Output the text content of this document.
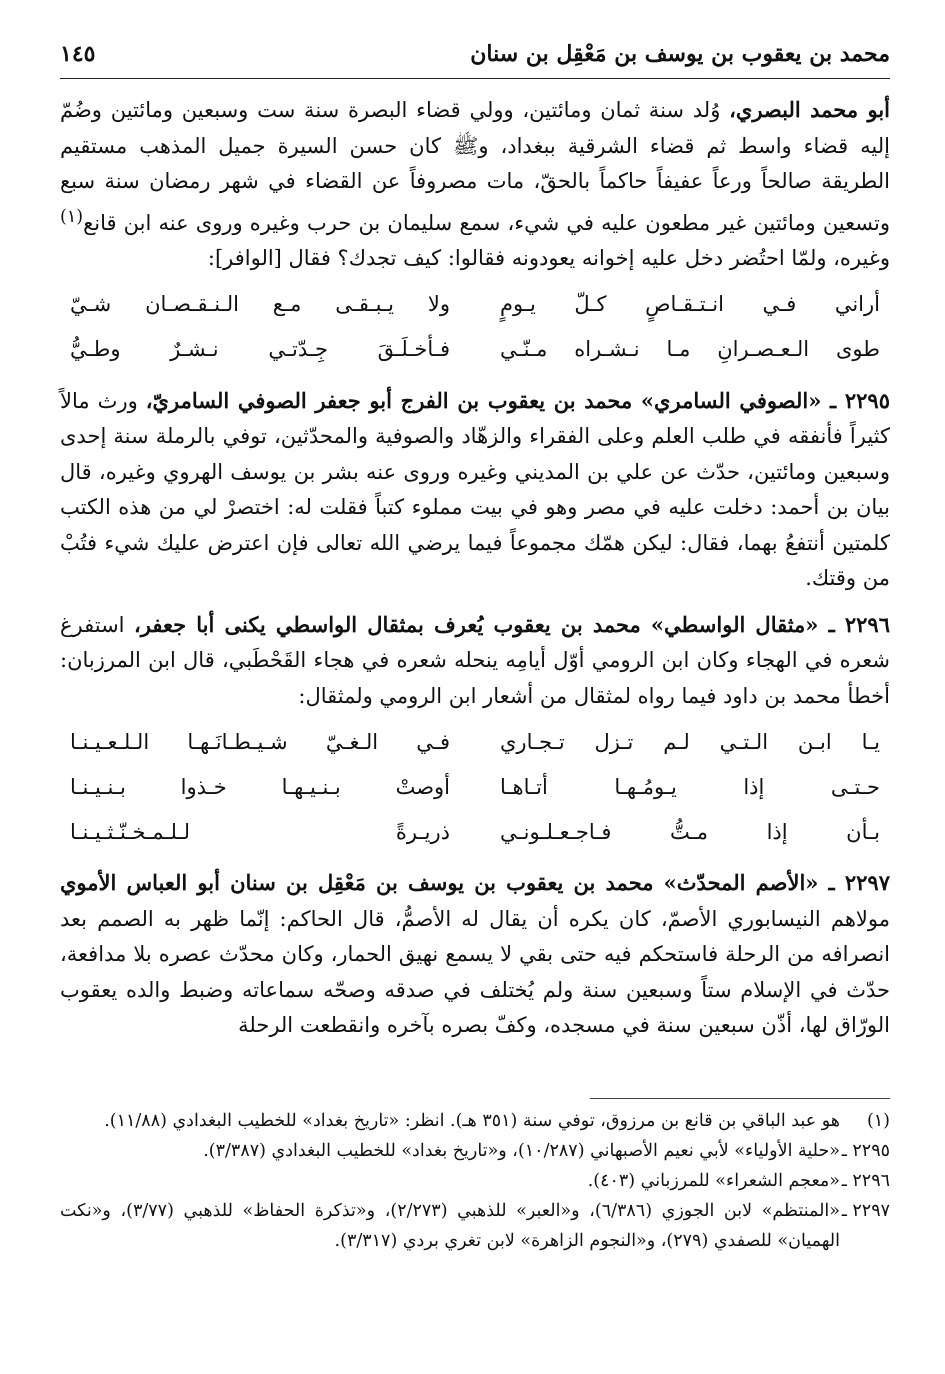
محمد بن يعقوب بن يوسف بن مَعْقِل بن سنان
١٤٥

أبو محمد البصري، وُلد سنة ثمان ومائتين، وولي قضاء البصرة سنة ست وسبعين ومائتين وضُمّ إليه قضاء واسط ثم قضاء الشرقية ببغداد، وﷺ كان حسن السيرة جميل المذهب مستقيم الطريقة صالحاً ورعاً عفيفاً حاكماً بالحقّ، مات مصروفاً عن القضاء في شهر رمضان سنة سبع وتسعين ومائتين غير مطعون عليه في شيء، سمع سليمان بن حرب وغيره وروى عنه ابن قانع$^{(١)}$ وغيره، ولمّا احتُضر دخل عليه إخوانه يعودونه فقالوا: كيف تجدك؟ فقال [الوافر]:

أراني فـي انـتـقـاصٍ كـلّ يـومٍ
ولا يـبـقـى مـع الـنـقـصـان شـيّ
طوى الـعـصـرانِ مـا نـشـراه مـنّـي
فـأخـلَـقَ جِـدّتـي نـشـرٌ وطـيُّ

٢٢٩٥ ـ «الصوفي السامري» محمد بن يعقوب بن الفرج أبو جعفر الصوفي السامريّ، ورث مالاً كثيراً فأنفقه في طلب العلم وعلى الفقراء والزهّاد والصوفية والمحدّثين، توفي بالرملة سنة إحدى وسبعين ومائتين، حدّث عن علي بن المديني وغيره وروى عنه بشر بن يوسف الهروي وغيره، قال بيان بن أحمد: دخلت عليه في مصر وهو في بيت مملوء كتباً فقلت له: اختصرْ لي من هذه الكتب كلمتين أنتفعُ بهما، فقال: ليكن همّك مجموعاً فيما يرضي الله تعالى فإن اعترض عليك شيء فتُبْ من وقتك.

٢٢٩٦ ـ «مثقال الواسطي» محمد بن يعقوب يُعرف بمثقال الواسطي يكنى أبا جعفر، استفرغ شعره في الهجاء وكان ابن الرومي أوّل أيامِه ينحله شعره في هجاء القَحْطَبي، قال ابن المرزبان: أخطأ محمد بن داود فيما رواه لمثقال من أشعار ابن الرومي ولمثقال:

يـا ابـن الـتـي لـم تـزل تـجـاري
فـي الـغـيّ شـيـطـانَـهـا الـلـعـيـنـا
حـتـى إذا يـومُـهـا أتـاهـا
أوصتْ بـنـيـهـا خـذوا بـنـيـنـا
بـأن إذا مـتُّ فـاجـعـلـونـي
ذريـرةً لـلـمـخـنّـثـيـنـا

٢٢٩٧ ـ «الأصم المحدّث» محمد بن يعقوب بن يوسف بن مَعْقِل بن سنان أبو العباس الأموي مولاهم النيسابوري الأصمّ، كان يكره أن يقال له الأصمُّ، قال الحاكم: إنّما ظهر به الصمم بعد انصرافه من الرحلة فاستحكم فيه حتى بقي لا يسمع نهيق الحمار، وكان محدّث عصره بلا مدافعة، حدّث في الإسلام ستاً وسبعين سنة ولم يُختلف في صدقه وصحّه سماعاته وضبط والده يعقوب الورّاق لها، أذّن سبعين سنة في مسجده، وكفّ بصره بآخره وانقطعت الرحلة

(١)
هو عبد الباقي بن قانع بن مرزوق، توفي سنة (٣٥١ هـ). انظر: «تاريخ بغداد» للخطيب البغدادي (١١/٨٨).
٢٢٩٥ ـ
«حلية الأولياء» لأبي نعيم الأصبهاني (١٠/٢٨٧)، و«تاريخ بغداد» للخطيب البغدادي (٣/٣٨٧).
٢٢٩٦ ـ
«معجم الشعراء» للمرزباني (٤٠٣).
٢٢٩٧ ـ
«المنتظم» لابن الجوزي (٦/٣٨٦)، و«العبر» للذهبي (٢/٢٧٣)، و«تذكرة الحفاظ» للذهبي (٣/٧٧)، و«نكت الهميان» للصفدي (٢٧٩)، و«النجوم الزاهرة» لابن تغري بردي (٣/٣١٧).
